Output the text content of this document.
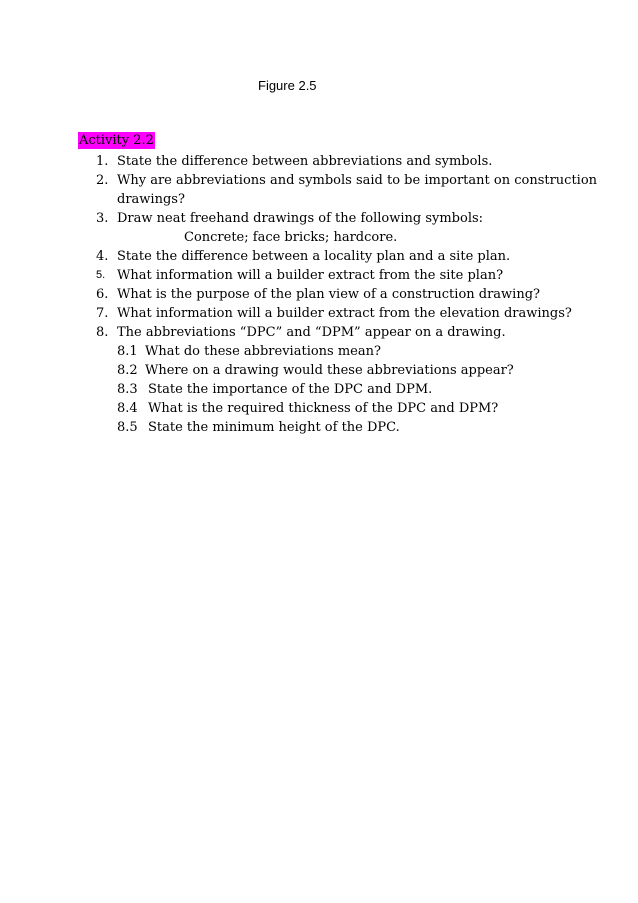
Figure 2.5
Activity 2.2
1. State the difference between abbreviations and symbols.
2. Why are abbreviations and symbols said to be important on construction
drawings?
3. Draw neat freehand drawings of the following symbols:
Concrete; face bricks; hardcore.
4. State the difference between a locality plan and a site plan.
5. What information will a builder extract from the site plan?
6. What is the purpose of the plan view of a construction drawing?
7. What information will a builder extract from the elevation drawings?
8. The abbreviations “DPC” and “DPM” appear on a drawing.
8.1 What do these abbreviations mean?
8.2 Where on a drawing would these abbreviations appear?
8.3 State the importance of the DPC and DPM.
8.4 What is the required thickness of the DPC and DPM?
8.5 State the minimum height of the DPC.
